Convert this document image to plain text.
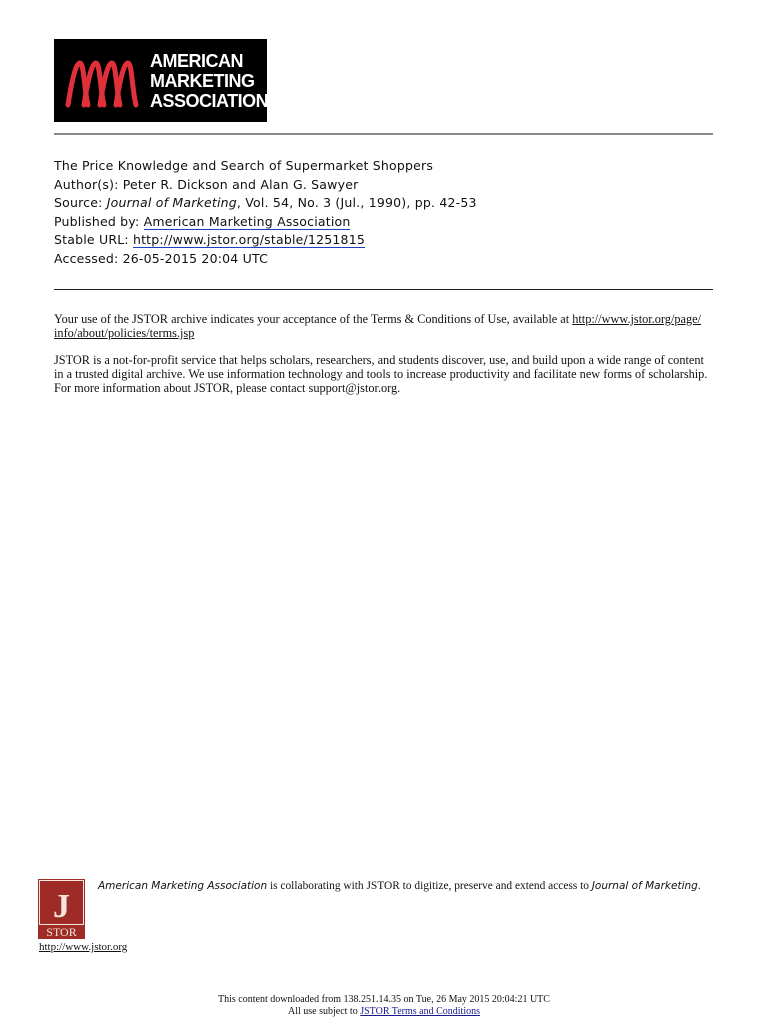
AMERICAN
MARKETING
ASSOCIATION
The Price Knowledge and Search of Supermarket Shoppers
Author(s): Peter R. Dickson and Alan G. Sawyer
Source: Journal of Marketing, Vol. 54, No. 3 (Jul., 1990), pp. 42-53
Published by: American Marketing Association
Stable URL: http://www.jstor.org/stable/1251815
Accessed: 26-05-2015 20:04 UTC
Your use of the JSTOR archive indicates your acceptance of the Terms & Conditions of Use, available at http://www.jstor.org/page/
info/about/policies/terms.jsp
JSTOR is a not-for-profit service that helps scholars, researchers, and students discover, use, and build upon a wide range of content
in a trusted digital archive. We use information technology and tools to increase productivity and facilitate new forms of scholarship.
For more information about JSTOR, please contact support@jstor.org.
J
STOR
http://www.jstor.org
American Marketing Association is collaborating with JSTOR to digitize, preserve and extend access to Journal of Marketing.
This content downloaded from 138.251.14.35 on Tue, 26 May 2015 20:04:21 UTC
All use subject to JSTOR Terms and Conditions
